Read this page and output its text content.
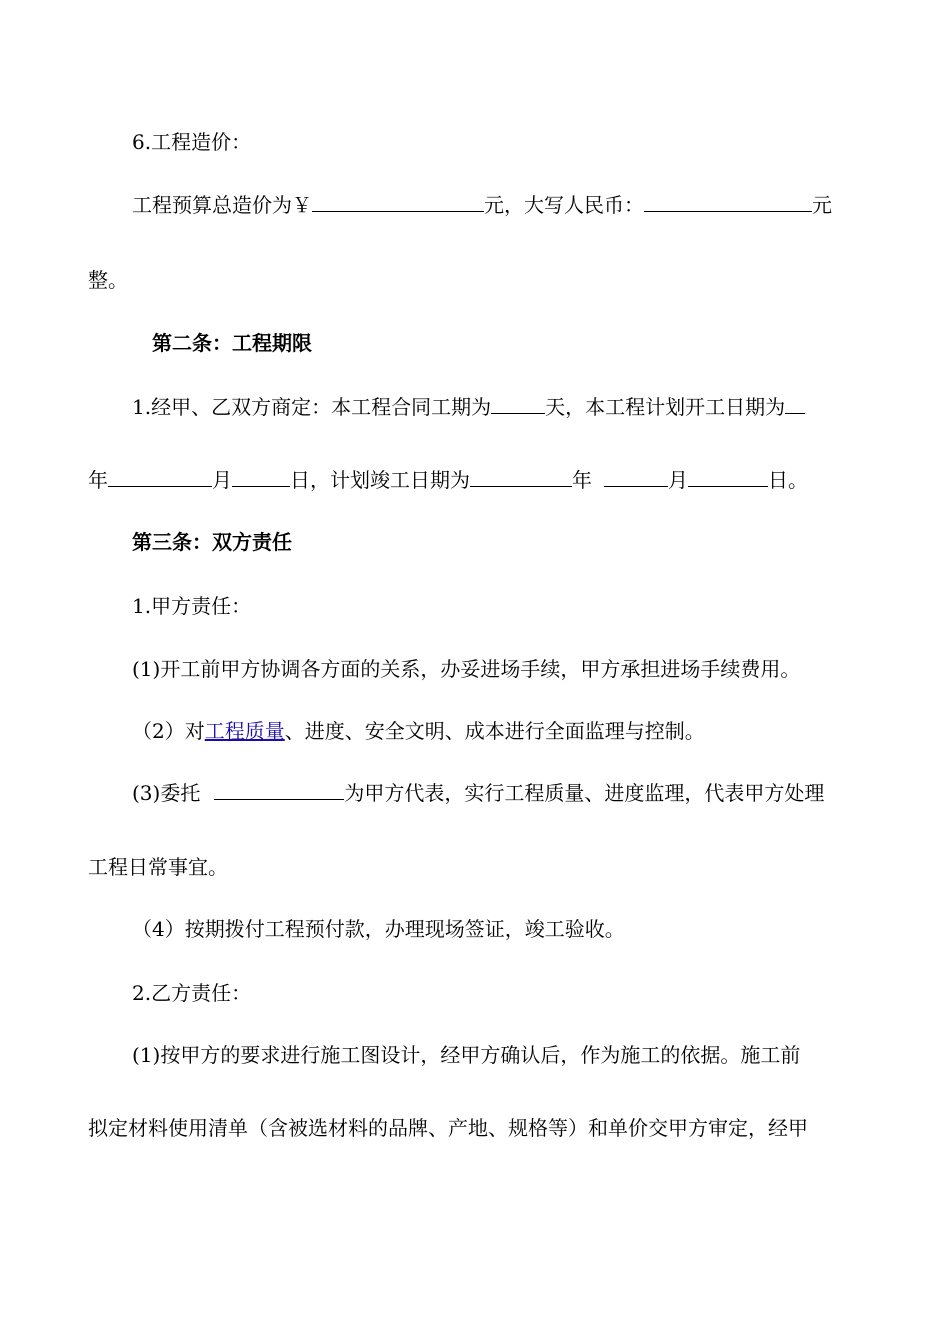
6.工程造价：
工程预算总造价为￥	元，大写人民币：	元
整。
第二条：工程期限
1.经甲、乙双方商定：本工程合同工期为	天，本工程计划开工日期为
年	月	日，计划竣工日期为	年	月	日。
第三条：双方责任
1.甲方责任：
(1)开工前甲方协调各方面的关系，办妥进场手续，甲方承担进场手续费用。
（2）对工程质量、进度、安全文明、成本进行全面监理与控制。
(3)委托	为甲方代表，实行工程质量、进度监理，代表甲方处理
工程日常事宜。
（4）按期拨付工程预付款，办理现场签证，竣工验收。
2.乙方责任：
(1)按甲方的要求进行施工图设计，经甲方确认后，作为施工的依据。施工前
拟定材料使用清单（含被选材料的品牌、产地、规格等）和单价交甲方审定，经甲
